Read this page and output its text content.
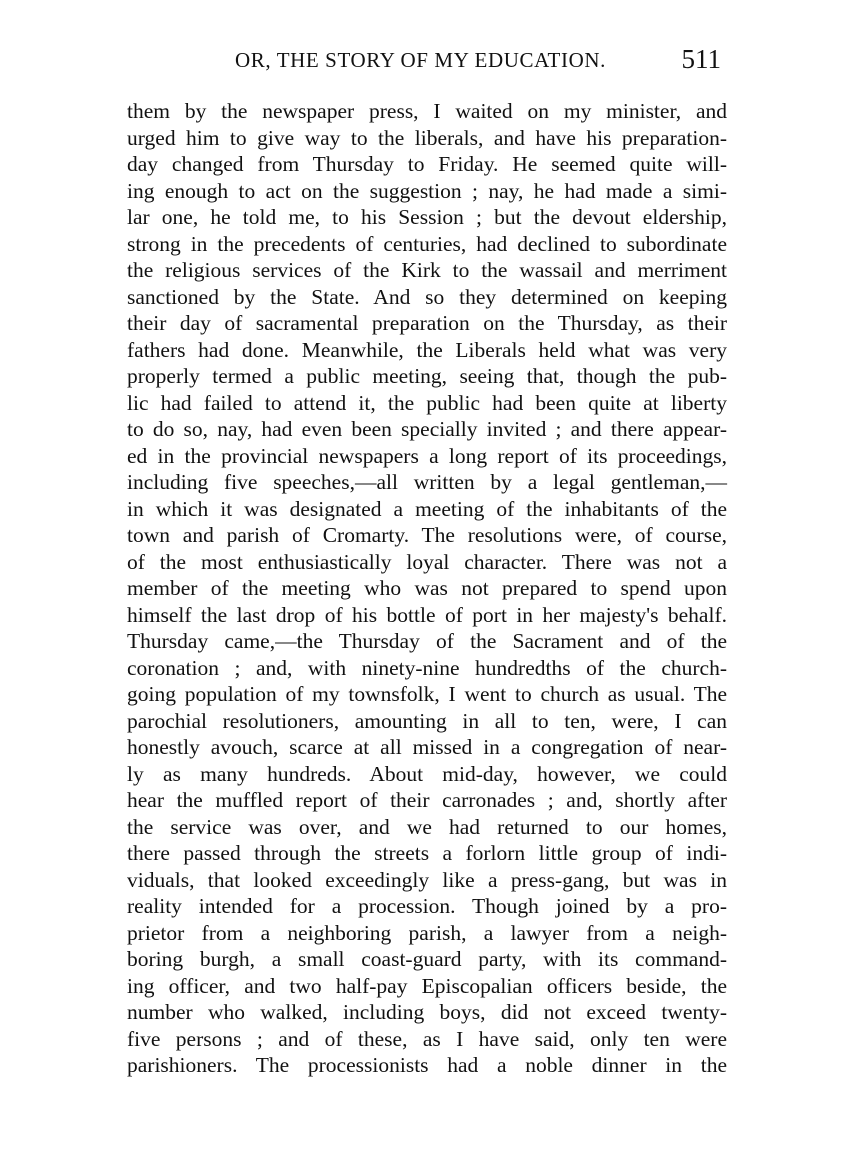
OR, THE STORY OF MY EDUCATION.	511
them by the newspaper press, I waited on my minister, and
urged him to give way to the liberals, and have his preparation-
day changed from Thursday to Friday. He seemed quite will-
ing enough to act on the suggestion ; nay, he had made a simi-
lar one, he told me, to his Session ; but the devout eldership,
strong in the precedents of centuries, had declined to subordinate
the religious services of the Kirk to the wassail and merriment
sanctioned by the State. And so they determined on keeping
their day of sacramental preparation on the Thursday, as their
fathers had done. Meanwhile, the Liberals held what was very
properly termed a public meeting, seeing that, though the pub-
lic had failed to attend it, the public had been quite at liberty
to do so, nay, had even been specially invited ; and there appear-
ed in the provincial newspapers a long report of its proceedings,
including five speeches,—all written by a legal gentleman,—
in which it was designated a meeting of the inhabitants of the
town and parish of Cromarty. The resolutions were, of course,
of the most enthusiastically loyal character. There was not a
member of the meeting who was not prepared to spend upon
himself the last drop of his bottle of port in her majesty's behalf.
Thursday came,—the Thursday of the Sacrament and of the
coronation ; and, with ninety-nine hundredths of the church-
going population of my townsfolk, I went to church as usual. The
parochial resolutioners, amounting in all to ten, were, I can
honestly avouch, scarce at all missed in a congregation of near-
ly as many hundreds. About mid-day, however, we could
hear the muffled report of their carronades ; and, shortly after
the service was over, and we had returned to our homes,
there passed through the streets a forlorn little group of indi-
viduals, that looked exceedingly like a press-gang, but was in
reality intended for a procession. Though joined by a pro-
prietor from a neighboring parish, a lawyer from a neigh-
boring burgh, a small coast-guard party, with its command-
ing officer, and two half-pay Episcopalian officers beside, the
number who walked, including boys, did not exceed twenty-
five persons ; and of these, as I have said, only ten were
parishioners. The processionists had a noble dinner in the
